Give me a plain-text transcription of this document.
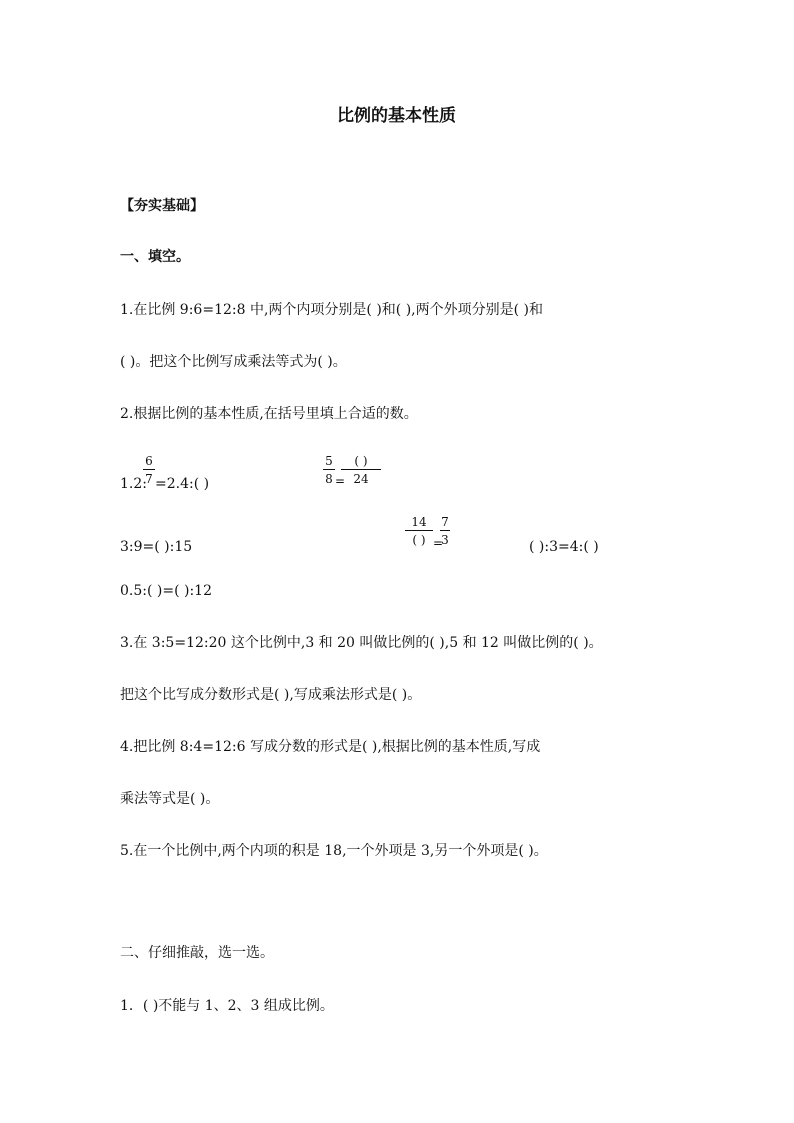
比例的基本性质
【夯实基础】
一、填空。
1.在比例 9:6=12:8 中,两个内项分别是( )和( ),两个外项分别是( )和
( )。把这个比例写成乘法等式为( )。
2.根据比例的基本性质,在括号里填上合适的数。
1.2:
6
7 =2.4:( )
5
8 =
( )
24
3:9=( ):15
14
( ) =
7
3	( ):3=4:( )
0.5:( )=( ):12
3.在 3:5=12:20 这个比例中,3 和 20 叫做比例的( ),5 和 12 叫做比例的( )。
把这个比写成分数形式是( ),写成乘法形式是( )。
4.把比例 8:4=12:6 写成分数的形式是( ),根据比例的基本性质,写成
乘法等式是( )。
5.在一个比例中,两个内项的积是 18,一个外项是 3,另一个外项是( )。
二、仔细推敲，选一选。
1．( )不能与 1、2、3 组成比例。
